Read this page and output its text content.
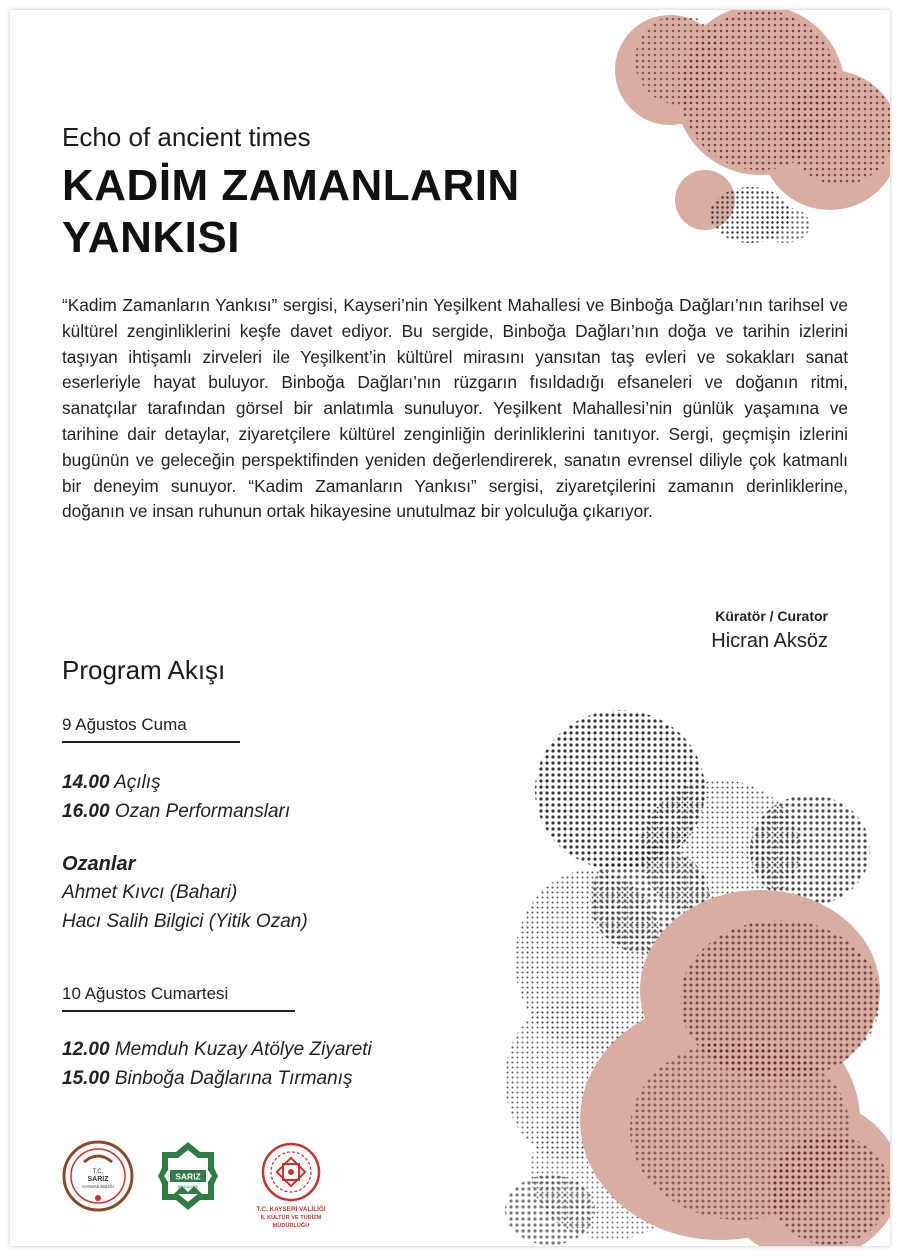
Echo of ancient times
KADİM ZAMANLARIN
YANKISI

“Kadim Zamanların Yankısı” sergisi, Kayseri’nin Yeşilkent Mahallesi ve Binboğa Dağları’nın tarihsel ve kültürel zenginliklerini keşfe davet ediyor. Bu sergide, Binboğa Dağları’nın doğa ve tarihin izlerini taşıyan ihtişamlı zirveleri ile Yeşilkent’in kültürel mirasını yansıtan taş evleri ve sokakları sanat eserleriyle hayat buluyor. Binboğa Dağları’nın rüzgarın fısıldadığı efsaneleri ve doğanın ritmi, sanatçılar tarafından görsel bir anlatımla sunuluyor. Yeşilkent Mahallesi’nin günlük yaşamına ve tarihine dair detaylar, ziyaretçilere kültürel zenginliğin derinliklerini tanıtıyor. Sergi, geçmişin izlerini bugünün ve geleceğin perspektifinden yeniden değerlendirerek, sanatın evrensel diliyle çok katmanlı bir deneyim sunuyor. “Kadim Zamanların Yankısı” sergisi, ziyaretçilerini zamanın derinliklerine, doğanın ve insan ruhunun ortak hikayesine unutulmaz bir yolculuğa çıkarıyor.

Küratör / Curator
Hicran Aksöz
Program Akışı
9 Ağustos Cuma
14.00 Açılış
16.00 Ozan Performansları
Ozanlar
Ahmet Kıvcı (Bahari)
Hacı Salih Bilgici (Yitik Ozan)
10 Ağustos Cumartesi
12.00 Memduh Kuzay Atölye Ziyareti
15.00 Binboğa Dağlarına Tırmanış
T.C.
SARIZ
KAYMAKAMLIĞI
SARIZ
BELEDİYESİ
T.C. KAYSERİ VALİLİĞİ
İL KÜLTÜR VE TURİZM
MÜDÜRLÜĞÜ
